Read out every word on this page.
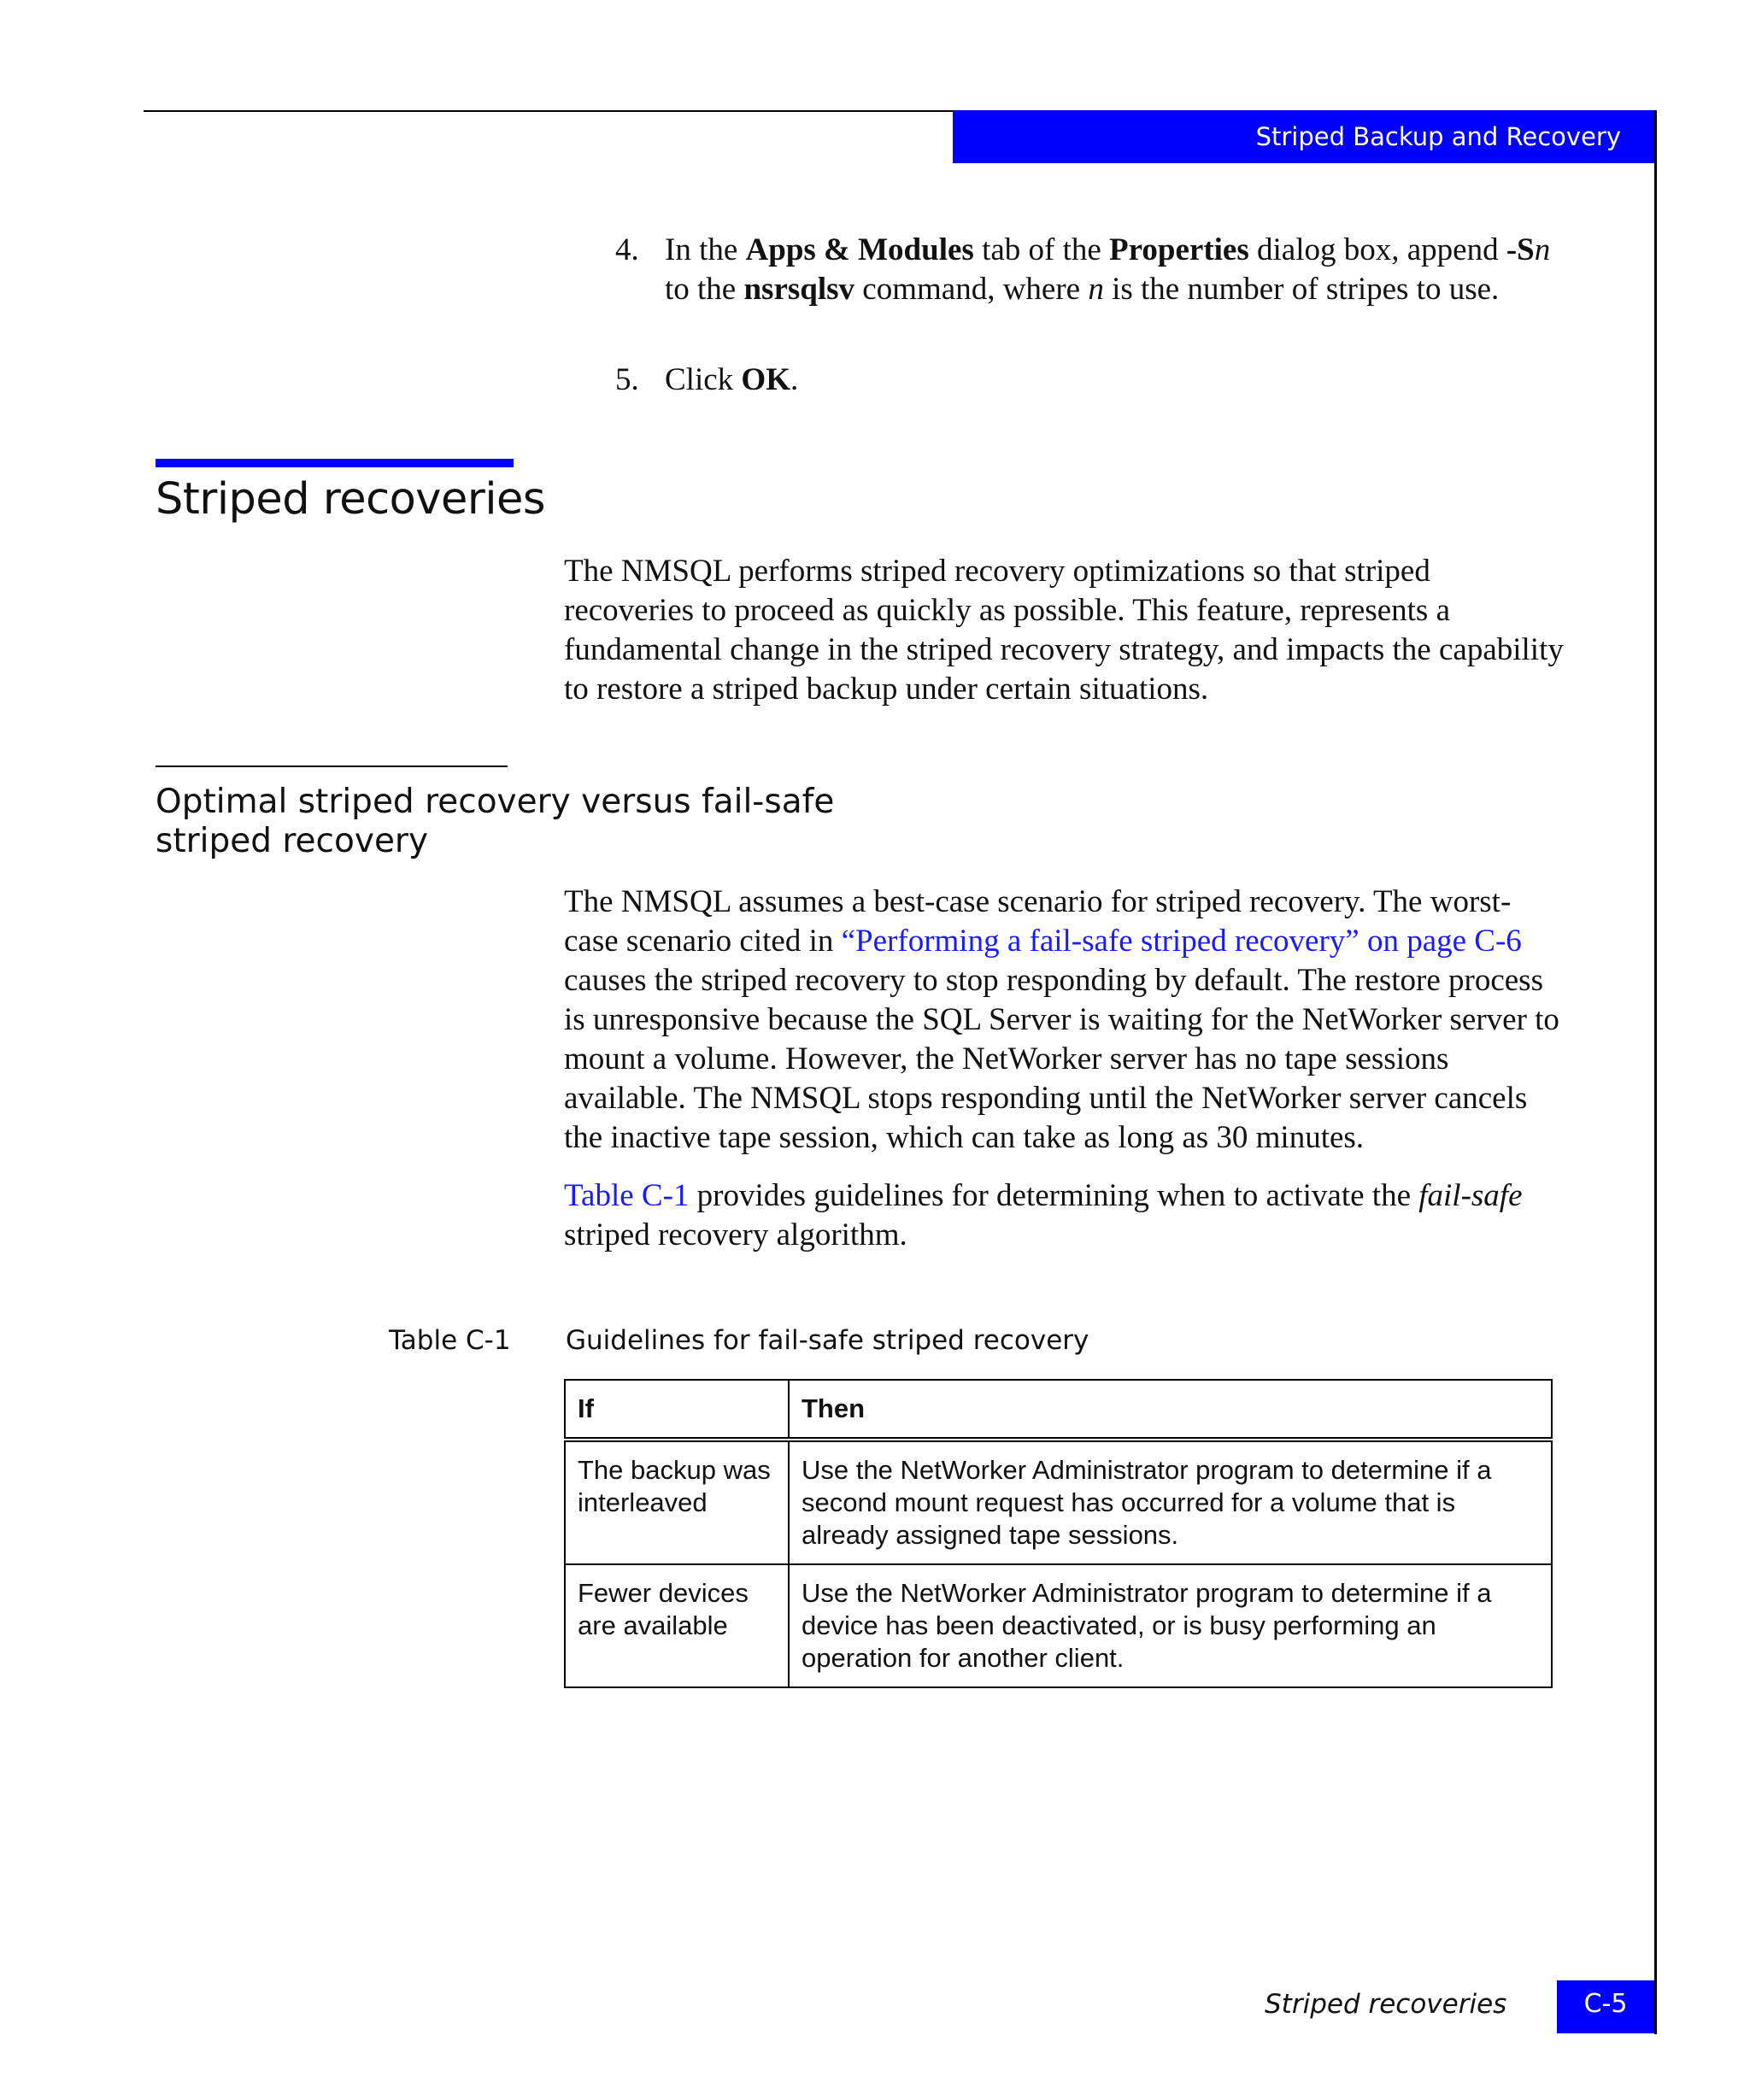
Striped Backup and Recovery
4. In the Apps & Modules tab of the Properties dialog box, append -Sn to the nsrsqlsv command, where n is the number of stripes to use.
5. Click OK.
Striped recoveries

The NMSQL performs striped recovery optimizations so that striped recoveries to proceed as quickly as possible. This feature, represents a fundamental change in the striped recovery strategy, and impacts the capability to restore a striped backup under certain situations.

Optimal striped recovery versus fail-safe striped recovery

The NMSQL assumes a best-case scenario for striped recovery. The worst-case scenario cited in “Performing a fail-safe striped recovery” on page C-6 causes the striped recovery to stop responding by default. The restore process is unresponsive because the SQL Server is waiting for the NetWorker server to mount a volume. However, the NetWorker server has no tape sessions available. The NMSQL stops responding until the NetWorker server cancels the inactive tape session, which can take as long as 30 minutes.

Table C-1 provides guidelines for determining when to activate the fail-safe striped recovery algorithm.

Table C-1 Guidelines for fail-safe striped recovery
If	Then
The backup was interleaved	Use the NetWorker Administrator program to determine if a second mount request has occurred for a volume that is already assigned tape sessions.
Fewer devices are available	Use the NetWorker Administrator program to determine if a device has been deactivated, or is busy performing an operation for another client.
Striped recoveries	C-5
